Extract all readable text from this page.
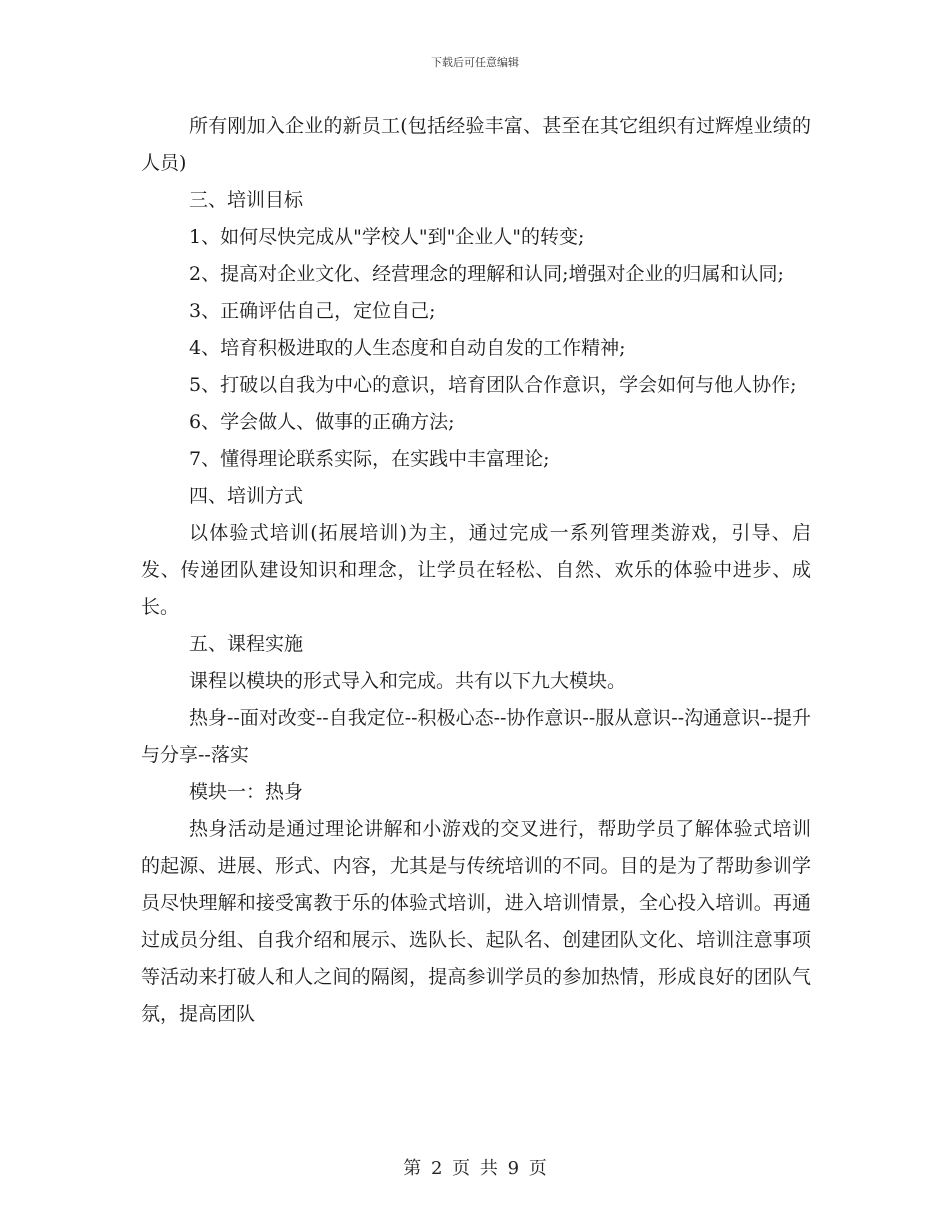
下载后可任意编辑

所有刚加入企业的新员工(包括经验丰富、甚至在其它组织有过辉煌业绩的人员)

三、培训目标

1、如何尽快完成从"学校人"到"企业人"的转变;

2、提高对企业文化、经营理念的理解和认同;增强对企业的归属和认同;

3、正确评估自己，定位自己;

4、培育积极进取的人生态度和自动自发的工作精神;

5、打破以自我为中心的意识，培育团队合作意识，学会如何与他人协作;

6、学会做人、做事的正确方法;

7、懂得理论联系实际，在实践中丰富理论;

四、培训方式

以体验式培训(拓展培训)为主，通过完成一系列管理类游戏，引导、启发、传递团队建设知识和理念，让学员在轻松、自然、欢乐的体验中进步、成长。

五、课程实施

课程以模块的形式导入和完成。共有以下九大模块。

热身--面对改变--自我定位--积极心态--协作意识--服从意识--沟通意识--提升与分享--落实

模块一：热身

热身活动是通过理论讲解和小游戏的交叉进行，帮助学员了解体验式培训的起源、进展、形式、内容，尤其是与传统培训的不同。目的是为了帮助参训学员尽快理解和接受寓教于乐的体验式培训，进入培训情景，全心投入培训。再通过成员分组、自我介绍和展示、选队长、起队名、创建团队文化、培训注意事项等活动来打破人和人之间的隔阂，提高参训学员的参加热情，形成良好的团队气氛，提高团队

第 2 页 共 9 页
